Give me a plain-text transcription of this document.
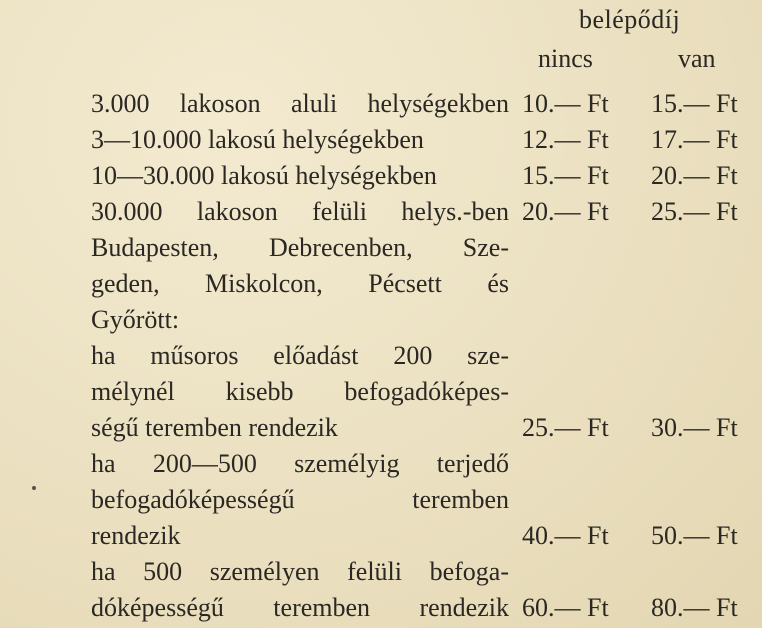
belépődíj
nincs	van
3.000 lakoson aluli helységekben 10.— Ft 15.— Ft
3—10.000 lakosú helységekben	12.— Ft 17.— Ft
10—30.000 lakosú helységekben	15.— Ft 20.— Ft
30.000 lakoson felüli helys.-ben 20.— Ft 25.— Ft
Budapesten, Debrecenben, Sze-
geden, Miskolcon, Pécsett és
Győrött:
ha műsoros előadást 200 sze-
mélynél kisebb befogadóképes-
ségű teremben rendezik	25.— Ft 30.— Ft
ha 200—500 személyig terjedő
befogadóképességű teremben
rendezik	40.— Ft 50.— Ft
ha 500 személyen felüli befoga-
dóképességű teremben rendezik 60.— Ft 80.— Ft
